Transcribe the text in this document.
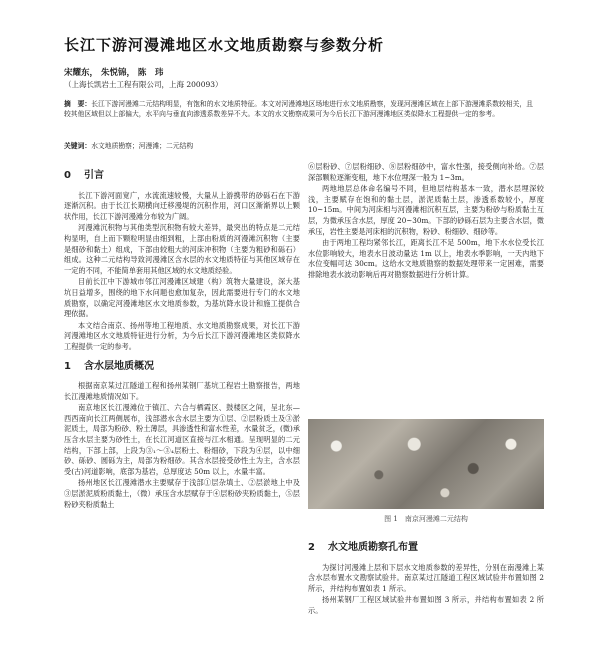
长江下游河漫滩地区水文地质勘察与参数分析
宋耀东， 朱悦锦， 陈　玮
（上海长凯岩土工程有限公司，上海 200093）
摘　要：长江下游河漫滩二元结构明显，有饱和的水文地质特征。本文对河漫滩地区场地进行水文地质勘察，发现河漫滩区域在上部下游漫滩系数较相关，且较其他区域但以上部偏大，水平向与垂直向渗透系数差异不大。本文的水文勘察成果可为今后长江下游河漫滩地区类似降水工程提供一定的参考。
关键词：水文地质勘察；河漫滩；二元结构
0 引言

长江下游河面宽广，水流流速较慢，大量从上游携带的砂砾石在下游逐渐沉积。由于长江长期横向迁移漫堤的沉积作用，河口区渐渐界以上颗状作用，长江下游河漫滩分布较为广阔。

河漫滩沉积物与其他类型沉积物有较大差异，最突出的特点是二元结构显明，自上而下颗粒明显由细到粗，上部由粉质的河漫滩沉积物（主要是细砂和黏土）组成，下部由较粗大的河床冲积物（主要为粗砂和砾石）组成。这种二元结构导致河漫滩区含水层的水文地质特征与其他区域存在一定的不同，不能简单套用其他区域的水文地质经验。

目前长江中下游城市邻江河漫滩区域建（构）筑物大量建设，深大基坑日益增多，围绕的地下水问题也愈加复杂，因此需要进行专门的水文地质勘察，以确定河漫滩地区水文地质参数，为基坑降水设计和施工提供合理依据。

本文结合南京、扬州等地工程地质、水文地质勘察成果，对长江下游河漫滩地区水文地质特征进行分析，为今后长江下游河漫滩地区类似降水工程提供一定的参考。

1 含水层地质概况

根据南京某过江隧道工程和扬州某钢厂基坑工程岩土勘察报告，两地长江漫滩地质情况如下。

南京地区长江漫滩位于镇江、六合与栖霞区、鼓楼区之间，呈北东—西西南向长江两侧展布，浅部潜水含水层主要为①层、②层粉质土及③淤泥质土，局部为粉砂、粉土薄层，具渗透性和富水性差，水量贫乏，(微)承压含水层主要为砂性土，在长江河道区直接与江水相通。呈现明显的二元结构，下部上部，上段为③₁～③₄层粉土、粉细砂，下段为④层，以中细砂、砾砂、圆砾为主，局部为粉细砂。其含水层接受砂性土为主，含水层受(古)河道影响，底部为基岩，总厚度达 50m 以上，水量丰富。

扬州地区长江漫滩潜水主要赋存于浅部①层杂填土、②层淤地上中及③层淤泥质粉质黏土，（微）承压含水层赋存于④层粉砂夹粉质黏土，⑤层粉砂夹粉质黏土

⑥层粉砂、⑦层粉细砂、⑧层粉细砂中，富水性强，接受侧向补给。⑦层深部颗粒逐渐变粗，地下水位埋深一般为 1~3m。

两地地层总体命名编号不同，但地层结构基本一致，潜水层埋深较浅，主要赋存在饱和的黏土层，淤泥质黏土层，渗透系数较小，厚度 10~15m。中间为河床相与河漫滩相沉积互层，主要为粉砂与粉质黏土互层，为微承压含水层，厚度 20~30m。下部的砂砾石层为主要含水层，微承压，岩性主要是河床相的沉积物，粉砂、粉细砂、细砂等。

由于两地工程均紧邻长江，距离长江不足 500m，地下水水位受长江水位影响较大，地表水日波动量达 1m 以上，地表水季影响，一天内地下水位变幅可达 30cm。这给水文地质勘察的数据处理带来一定困难，需要排除地表水波动影响后再对勘察数据进行分析计算。

图 1　南京河漫滩二元结构
2 水文地质勘察孔布置

为探讨河漫滩上层和下层水文地质参数的差异性，分别在南漫滩上某含水层布置水文勘察试验井。南京某过江隧道工程区域试验井布置如图 2 所示，并结构布置如表 1 所示。

扬州某钢厂工程区域试验井布置如图 3 所示，并结构布置如表 2 所示。
